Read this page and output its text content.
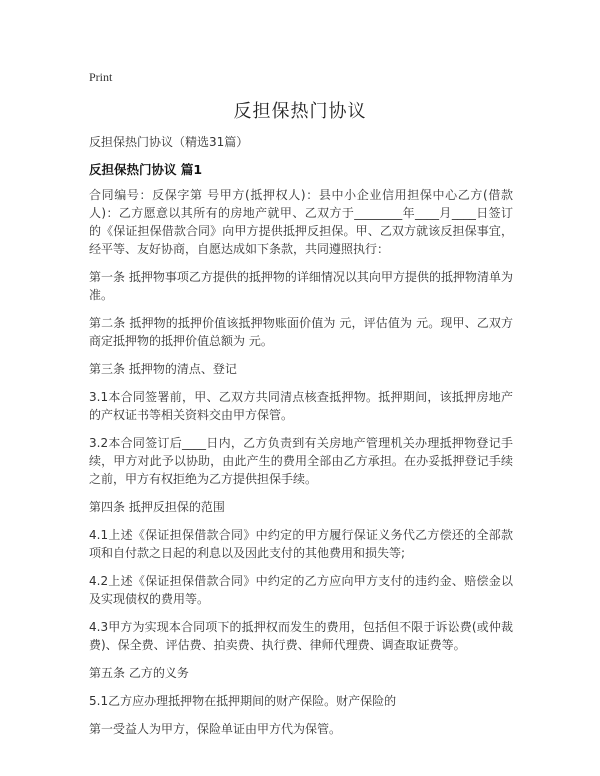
Print
反担保热门协议
反担保热门协议（精选31篇）
反担保热门协议 篇1

合同编号：反保字第 号甲方(抵押权人)：县中小企业信用担保中心乙方(借款人)：乙方愿意以其所有的房地产就甲、乙双方于________年____月____日签订的《保证担保借款合同》向甲方提供抵押反担保。甲、乙双方就该反担保事宜，经平等、友好协商，自愿达成如下条款，共同遵照执行：

第一条 抵押物事项乙方提供的抵押物的详细情况以其向甲方提供的抵押物清单为准。

第二条 抵押物的抵押价值该抵押物账面价值为 元，评估值为 元。现甲、乙双方商定抵押物的抵押价值总额为 元。

第三条 抵押物的清点、登记

3.1本合同签署前，甲、乙双方共同清点核查抵押物。抵押期间，该抵押房地产的产权证书等相关资料交由甲方保管。

3.2本合同签订后____日内，乙方负责到有关房地产管理机关办理抵押物登记手续，甲方对此予以协助，由此产生的费用全部由乙方承担。在办妥抵押登记手续之前，甲方有权拒绝为乙方提供担保手续。

第四条 抵押反担保的范围

4.1上述《保证担保借款合同》中约定的甲方履行保证义务代乙方偿还的全部款项和自付款之日起的利息以及因此支付的其他费用和损失等;

4.2上述《保证担保借款合同》中约定的乙方应向甲方支付的违约金、赔偿金以及实现债权的费用等。

4.3甲方为实现本合同项下的抵押权而发生的费用，包括但不限于诉讼费(或仲裁费)、保全费、评估费、拍卖费、执行费、律师代理费、调查取证费等。

第五条 乙方的义务

5.1乙方应办理抵押物在抵押期间的财产保险。财产保险的

第一受益人为甲方，保险单证由甲方代为保管。
